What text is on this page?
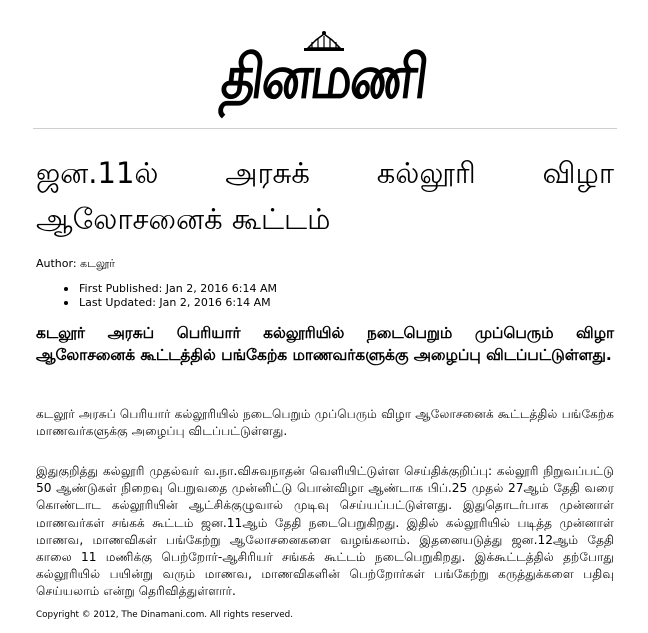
தினமணி
ஜன.11ல் அரசுக் கல்லூரி விழா ஆலோசனைக் கூட்டம்
Author: கடலூர்
First Published: Jan 2, 2016 6:14 AM
Last Updated: Jan 2, 2016 6:14 AM
கடலூர் அரசுப் பெரியார் கல்லூரியில் நடைபெறும் முப்பெரும் விழா ஆலோசனைக் கூட்டத்தில் பங்கேற்க மாணவர்களுக்கு அழைப்பு விடப்பட்டுள்ளது.

கடலூர் அரசுப் பெரியார் கல்லூரியில் நடைபெறும் முப்பெரும் விழா ஆலோசனைக் கூட்டத்தில் பங்கேற்க மாணவர்களுக்கு அழைப்பு விடப்பட்டுள்ளது.

இதுகுறித்து கல்லூரி முதல்வர் வ.நா.விசுவநாதன் வெளியிட்டுள்ள செய்திக்குறிப்பு: கல்லூரி நிறுவப்பட்டு 50 ஆண்டுகள் நிறைவு பெறுவதை முன்னிட்டு பொன்விழா ஆண்டாக பிப்.25 முதல் 27ஆம் தேதி வரை கொண்டாட கல்லூரியின் ஆட்சிக்குழுவால் முடிவு செய்யப்பட்டுள்ளது. இதுதொடர்பாக முன்னாள் மாணவர்கள் சங்கக் கூட்டம் ஜன.11ஆம் தேதி நடைபெறுகிறது. இதில் கல்லூரியில் படித்த முன்னாள் மாணவ, மாணவிகள் பங்கேற்று ஆலோசனைகளை வழங்கலாம். இதனையடுத்து ஜன.12ஆம் தேதி காலை 11 மணிக்கு பெற்றோர்-ஆசிரியர் சங்கக் கூட்டம் நடைபெறுகிறது. இக்கூட்டத்தில் தற்போது கல்லூரியில் பயின்று வரும் மாணவ, மாணவிகளின் பெற்றோர்கள் பங்கேற்று கருத்துக்களை பதிவு செய்யலாம் என்று தெரிவித்துள்ளார்.

Copyright © 2012, The Dinamani.com. All rights reserved.
